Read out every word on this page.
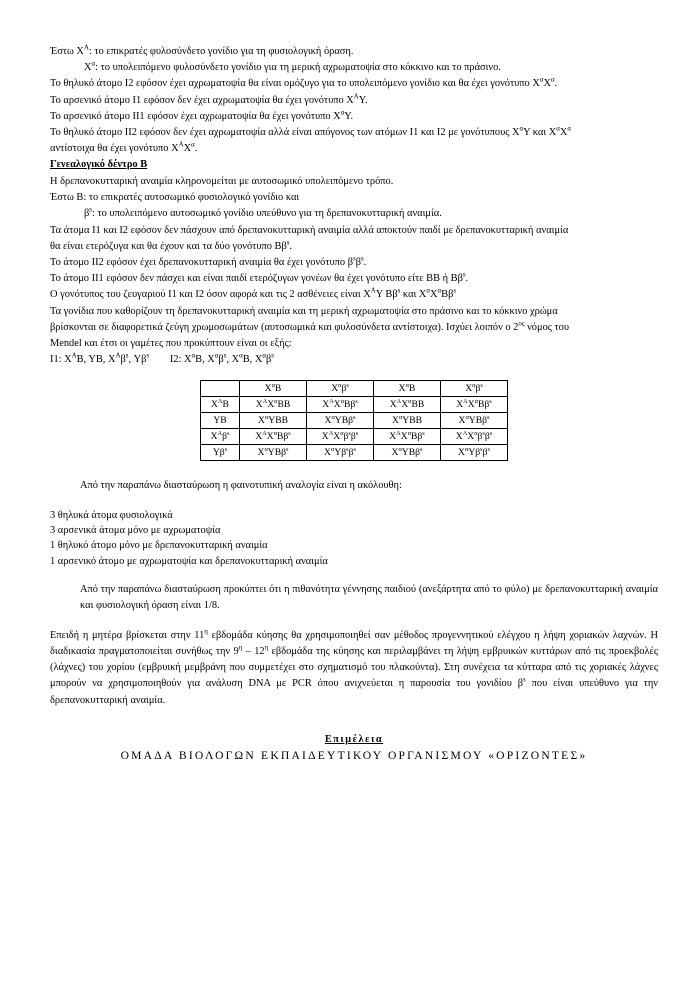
Έστω $X^A$: το επικρατές φυλοσύνδετο γονίδιο για τη φυσιολογική όραση.
$X^\alpha$: το υπολειπόμενο φυλοσύνδετο γονίδιο για τη μερική αχρωματοψία στο κόκκινο και το πράσινο.
Το θηλυκό άτομο Ι2 εφόσον έχει αχρωματοψία θα είναι ομόζυγο για το υπολειπόμενο γονίδιο και θα έχει γονότυπο $X^\alpha X^\alpha$.
Το αρσενικό άτομο Ι1 εφόσον δεν έχει αχρωματοψία θα έχει γονότυπο $X^A\Upsilon$.
Το αρσενικό άτομο ΙΙ1 εφόσον έχει αχρωματοψία θα έχει γονότυπο $X^\alpha\Upsilon$.
Το θηλυκό άτομο ΙΙ2 εφόσον δεν έχει αχρωματοψία αλλά είναι απόγονος των ατόμων Ι1 και Ι2 με γονότυπους $X^\alpha\Upsilon$ και $X^\alpha X^\alpha$
αντίστοιχα θα έχει γονότυπο $X^AX^\alpha$.
Γενεαλογικό δέντρο Β
Η δρεπανοκυτταρική αναιμία κληρονομείται με αυτοσωμικό υπολειπόμενο τρόπο.
Έστω Β: το επικρατές αυτοσωμικό φυσιολογικό γονίδιο και
$\beta^s$: το υπολειπόμενο αυτοσωμικό γονίδιο υπεύθυνο για τη δρεπανοκυτταρική αναιμία.
Τα άτομα Ι1 και Ι2 εφόσον δεν πάσχουν από δρεπανοκυτταρική αναιμία αλλά αποκτούν παιδί με δρεπανοκυτταρική αναιμία
θα είναι ετερόζυγα και θα έχουν και τα δύο γονότυπο $B\beta^s$.
Το άτομο ΙΙ2 εφόσον έχει δρεπανοκυτταρική αναιμία θα έχει γονότυπο $\beta^s\beta^s$.
Το άτομο ΙΙ1 εφόσον δεν πάσχει και είναι παιδί ετερόζυγων γονέων θα έχει γονότυπο είτε ΒΒ ή $B\beta^s$.
Ο γονότυπος του ζευγαριού Ι1 και Ι2 όσον αφορά και τις 2 ασθένειες είναι $X^A\Upsilon$ $B\beta^s$ και $X^\alpha X^\alpha B\beta^s$
Τα γονίδια που καθορίζουν τη δρεπανοκυτταρική αναιμία και τη μερική αχρωματοψία στο πράσινο και το κόκκινο χρώμα
βρίσκονται σε διαφορετικά ζεύγη χρωμοσωμάτων (αυτοσωμικά και φυλοσύνδετα αντίστοιχα). Ισχύει λοιπόν ο $2^{o\varsigma}$ νόμος του
Mendel και έτσι οι γαμέτες που προκύπτουν είναι οι εξής:
Ι1: $X^AB$, ΥΒ, $X^A\beta^s$, $\Upsilon\beta^s$ Ι2: $X^\alpha B$, $X^\alpha\beta^s$, $X^\alpha B$, $X^\alpha\beta^s$
	$X^\alpha B$	$X^\alpha\beta^s$	$X^\alpha B$	$X^\alpha\beta^s$
$X^AB$	$X^AX^\alpha BB$	$X^AX^\alpha B\beta^s$	$X^AX^\alpha BB$	$X^AX^\alpha B\beta^s$
YB	$X^\alpha YBB$	$X^\alpha YB\beta^s$	$X^\alpha YBB$	$X^\alpha YB\beta^s$
$X^A\beta^s$	$X^AX^\alpha B\beta^s$	$X^AX^\alpha\beta^s\beta^s$	$X^AX^\alpha B\beta^s$	$X^AX^\alpha\beta^s\beta^s$
$Y\beta^s$	$X^\alpha YB\beta^s$	$X^\alpha Y\beta^s\beta^s$	$X^\alpha YB\beta^s$	$X^\alpha Y\beta^s\beta^s$
Από την παραπάνω διασταύρωση η φαινοτυπική αναλογία είναι η ακόλουθη:
3 θηλυκά άτομα φυσιολογικά
3 αρσενικά άτομα μόνο με αχρωματοψία
1 θηλυκό άτομο μόνο με δρεπανοκυτταρική αναιμία
1 αρσενικό άτομο με αχρωματοψία και δρεπανοκυτταρική αναιμία
Από την παραπάνω διασταύρωση προκύπτει ότι η πιθανότητα γέννησης παιδιού (ανεξάρτητα από το φύλο) με δρεπανοκυτταρική αναιμία και φυσιολογική όραση είναι 1/8.
Επειδή η μητέρα βρίσκεται στην $11^\eta$ εβδομάδα κύησης θα χρησιμοποιηθεί σαν μέθοδος προγεννητικού ελέγχου η λήψη χοριακών λαχνών. Η διαδικασία πραγματοποιείται συνήθως την $9^\eta - 12^\eta$ εβδομάδα της κύησης και περιλαμβάνει τη λήψη εμβρυικών κυττάρων από τις προεκβολές (λάχνες) του χορίου (εμβρυική μεμβράνη που συμμετέχει στο σχηματισμό του πλακούντα). Στη συνέχεια τα κύτταρα από τις χοριακές λάχνες μπορούν να χρησιμοποιηθούν για ανάλυση DNA με PCR όπου ανιχνεύεται η παρουσία του γονιδίου $\beta^s$ που είναι υπεύθυνο για την δρεπανοκυτταρική αναιμία.
Επιμέλεια
ΟΜΑΔΑ ΒΙΟΛΟΓΩΝ ΕΚΠΑΙΔΕΥΤΙΚΟΥ ΟΡΓΑΝΙΣΜΟΥ «ΟΡΙΖΟΝΤΕΣ»
